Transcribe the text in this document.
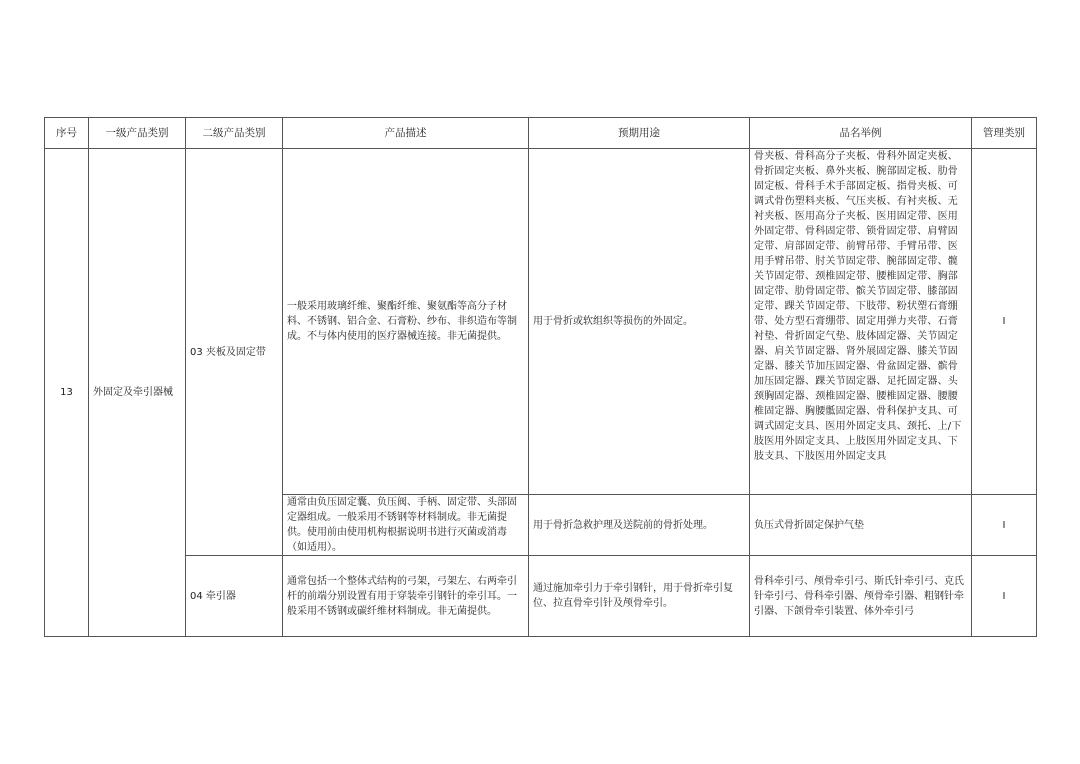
序号	一级产品类别	二级产品类别	产品描述	预期用途	品名举例	管理类别
13	外固定及牵引器械	03 夹板及固定带	一般采用玻璃纤维、聚酯纤维、聚氨酯等高分子材料、不锈钢、铝合金、石膏粉、纱布、非织造布等制成。不与体内使用的医疗器械连接。非无菌提供。	用于骨折或软组织等损伤的外固定。	骨夹板、骨科高分子夹板、骨科外固定夹板、骨折固定夹板、鼻外夹板、腕部固定板、肋骨固定板、骨科手术手部固定板、指骨夹板、可调式骨伤塑料夹板、气压夹板、有衬夹板、无衬夹板、医用高分子夹板、医用固定带、医用外固定带、骨科固定带、锁骨固定带、肩臂固定带、肩部固定带、前臂吊带、手臂吊带、医用手臂吊带、肘关节固定带、腕部固定带、髋关节固定带、颈椎固定带、腰椎固定带、胸部固定带、肋骨固定带、髌关节固定带、膝部固定带、踝关节固定带、下肢带、粉状塑石膏绷带、处方型石膏绷带、固定用弹力夹带、石膏衬垫、骨折固定气垫、肢体固定器、关节固定器、肩关节固定器、肾外展固定器、膝关节固定器、膝关节加压固定器、骨盆固定器、髌骨加压固定器、踝关节固定器、足托固定器、头颈胸固定器、颈椎固定器、腰椎固定器、腰腰椎固定器、胸腰骶固定器、骨科保护支具、可调式固定支具、医用外固定支具、颈托、上/下肢医用外固定支具、上肢医用外固定支具、下肢支具、下肢医用外固定支具	I
			通常由负压固定囊、负压阀、手柄、固定带、头部固定器组成。一般采用不锈钢等材料制成。非无菌提供。使用前由使用机构根据说明书进行灭菌或消毒（如适用）。	用于骨折急救护理及送院前的骨折处理。	负压式骨折固定保护气垫	I
		04 牵引器	通常包括一个整体式结构的弓架，弓架左、右两牵引杆的前端分别设置有用于穿装牵引钢针的牵引耳。一般采用不锈钢或碳纤维材料制成。非无菌提供。	通过施加牵引力于牵引钢针，用于骨折牵引复位、拉直骨牵引针及颅骨牵引。	骨科牵引弓、颅骨牵引弓、斯氏针牵引弓、克氏针牵引弓、骨科牵引器、颅骨牵引器、粗钢针牵引器、下颌骨牵引装置、体外牵引弓	I
